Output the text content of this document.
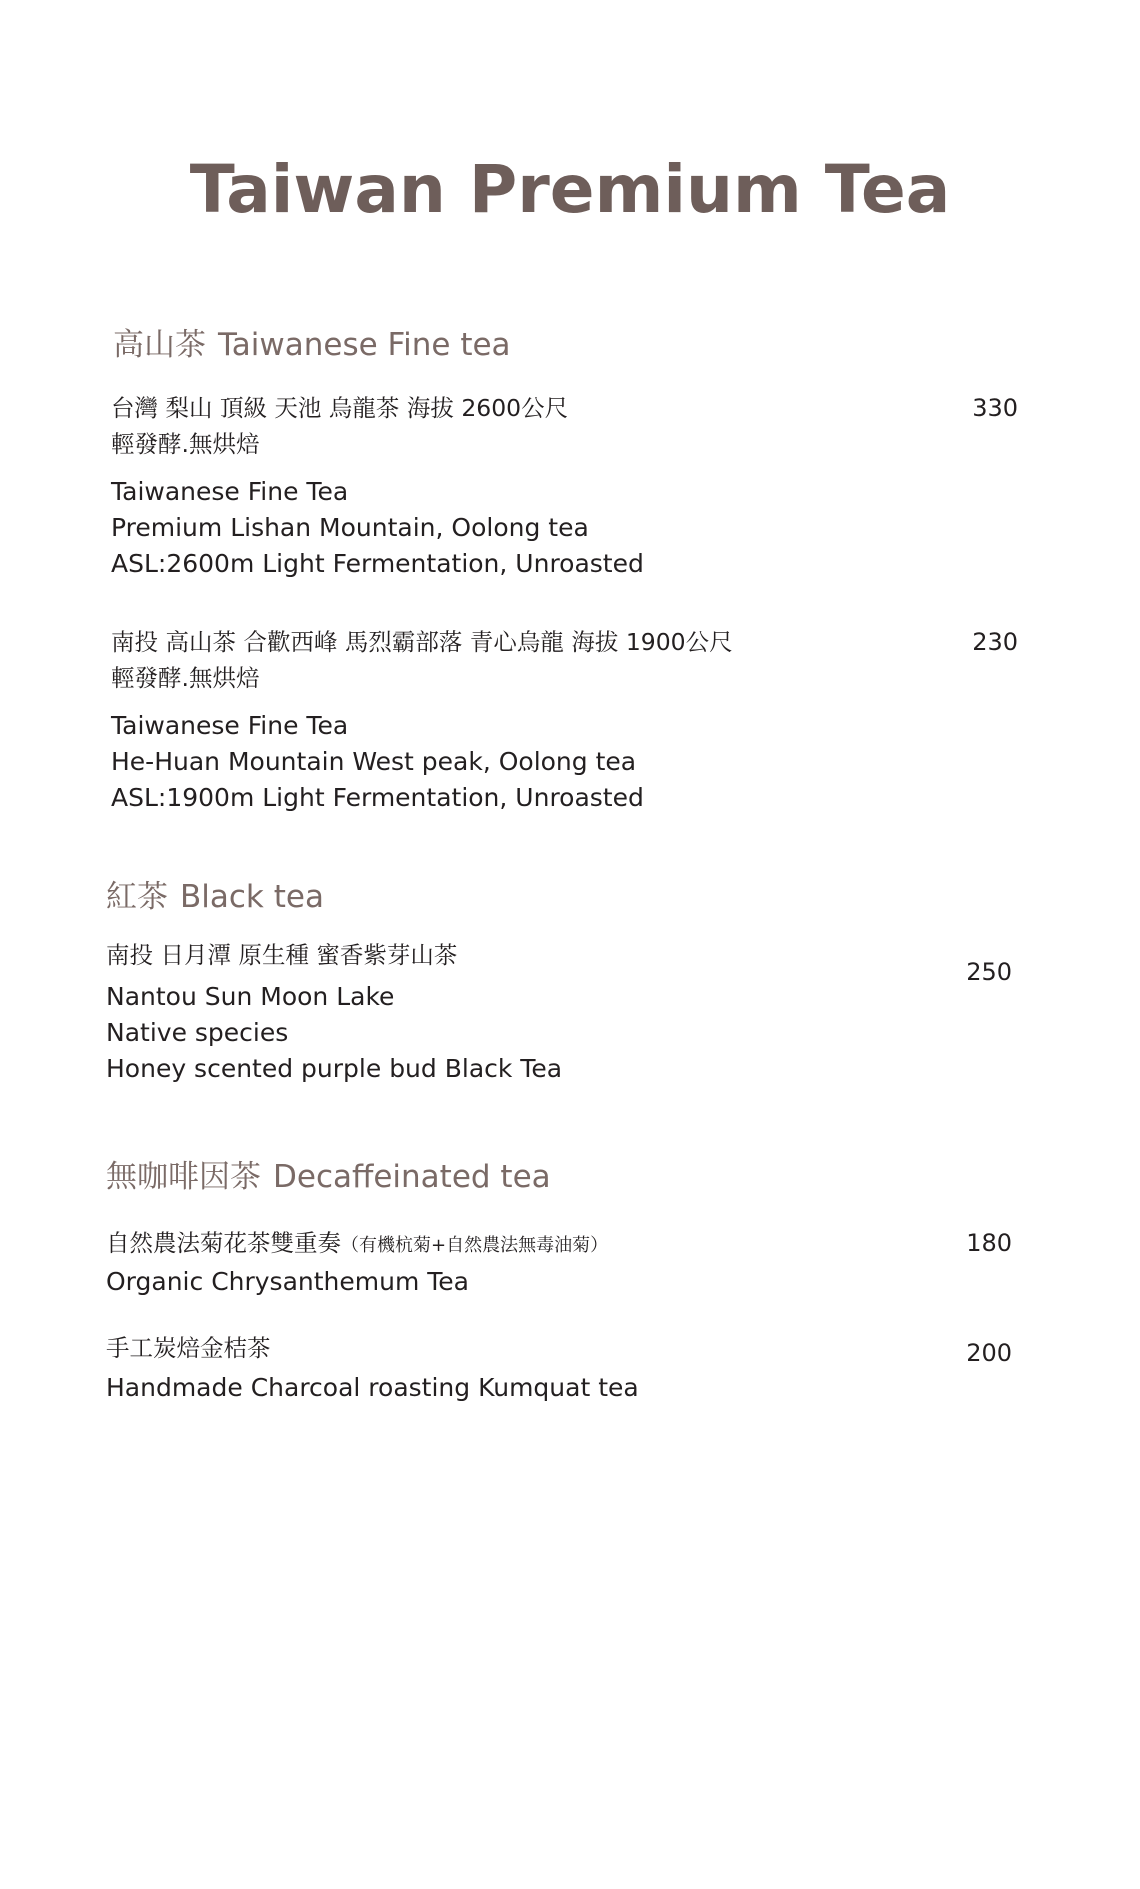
Taiwan Premium Tea
高山茶 Taiwanese Fine tea
台灣 梨山 頂級 天池 烏龍茶 海拔 2600公尺
輕發酵.無烘焙
Taiwanese Fine Tea
Premium Lishan Mountain, Oolong tea
ASL:2600m Light Fermentation, Unroasted
330
南投 高山茶 合歡西峰 馬烈霸部落 青心烏龍 海拔 1900公尺
輕發酵.無烘焙
Taiwanese Fine Tea
He-Huan Mountain West peak, Oolong tea
ASL:1900m Light Fermentation, Unroasted
230
紅茶 Black tea
南投 日月潭 原生種 蜜香紫芽山茶
Nantou Sun Moon Lake
Native species
Honey scented purple bud Black Tea
250
無咖啡因茶 Decaffeinated tea
自然農法菊花茶雙重奏（有機杭菊+自然農法無毒油菊）
Organic Chrysanthemum Tea
180
手工炭焙金桔茶
Handmade Charcoal roasting Kumquat tea
200
